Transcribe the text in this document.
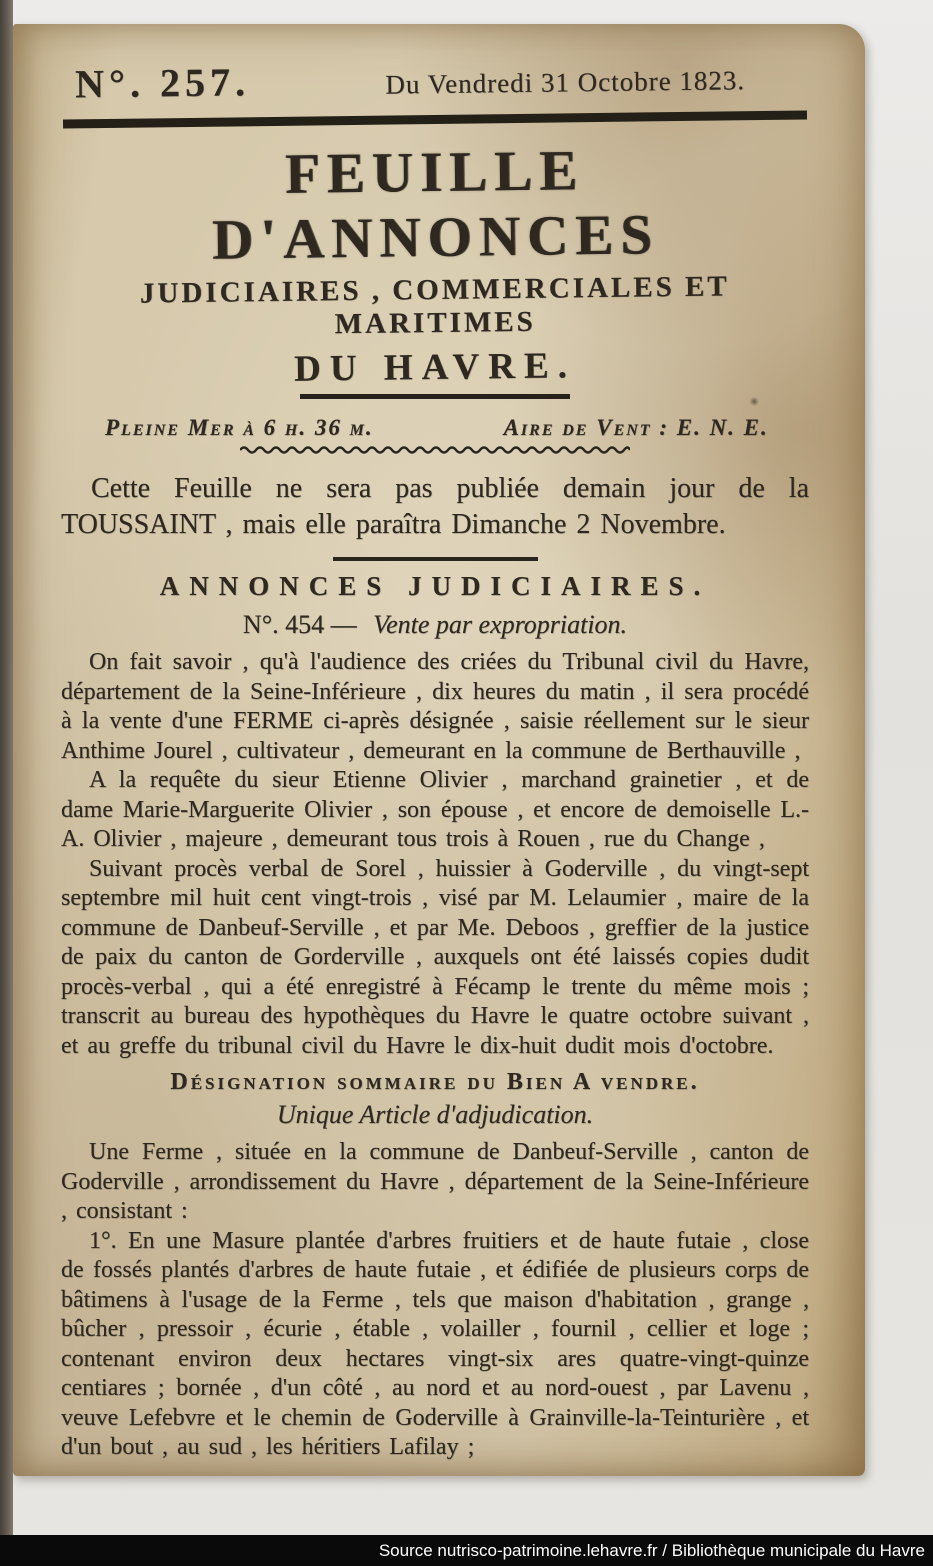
N°. 257.	Du Vendredi 31 Octobre 1823.
FEUILLE D'ANNONCES
JUDICIAIRES , COMMERCIALES ET MARITIMES
DU HAVRE.
Pleine Mer à 6 h. 36 m.	Aire de Vent : E. N. E.

Cette Feuille ne sera pas publiée demain jour de la TOUSSAINT , mais elle paraîtra Dimanche 2 Novembre.

ANNONCES JUDICIAIRES.
N°. 454 — Vente par expropriation.

On fait savoir , qu'à l'audience des criées du Tribunal civil du Havre, département de la Seine-Inférieure , dix heures du matin , il sera procédé à la vente d'une FERME ci-après désignée , saisie réellement sur le sieur Anthime Jourel , cultivateur , demeurant en la commune de Berthauville ,

A la requête du sieur Etienne Olivier , marchand grainetier , et de dame Marie-Marguerite Olivier , son épouse , et encore de demoiselle L.-A. Olivier , majeure , demeurant tous trois à Rouen , rue du Change ,

Suivant procès verbal de Sorel , huissier à Goderville , du vingt-sept septembre mil huit cent vingt-trois , visé par M. Lelaumier , maire de la commune de Danbeuf-Serville , et par Me. Deboos , greffier de la justice de paix du canton de Gorderville , auxquels ont été laissés copies dudit procès-verbal , qui a été enregistré à Fécamp le trente du même mois ; transcrit au bureau des hypothèques du Havre le quatre octobre suivant , et au greffe du tribunal civil du Havre le dix-huit dudit mois d'octobre.

Désignation sommaire du Bien A vendre.
Unique Article d'adjudication.

Une Ferme , située en la commune de Danbeuf-Serville , canton de Goderville , arrondissement du Havre , département de la Seine-Inférieure , consistant :

1°. En une Masure plantée d'arbres fruitiers et de haute futaie , close de fossés plantés d'arbres de haute futaie , et édifiée de plusieurs corps de bâtimens à l'usage de la Ferme , tels que maison d'habitation , grange , bûcher , pressoir , écurie , étable , volailler , fournil , cellier et loge ; contenant environ deux hectares vingt-six ares quatre-vingt-quinze centiares ; bornée , d'un côté , au nord et au nord-ouest , par Lavenu , veuve Lefebvre et le chemin de Goderville à Grainville-la-Teinturière , et d'un bout , au sud , les héritiers Lafilay ;

Source nutrisco-patrimoine.lehavre.fr / Bibliothèque municipale du Havre
